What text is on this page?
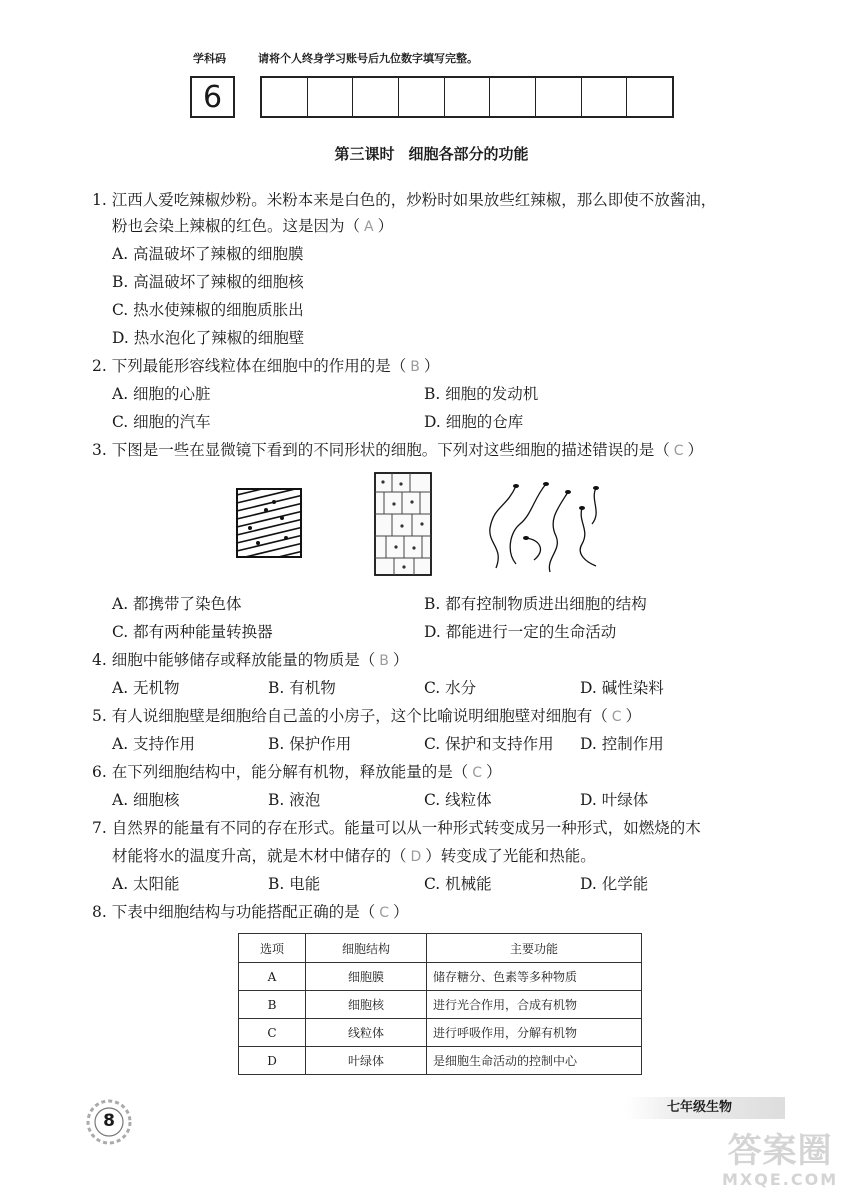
学科码	请将个人终身学习账号后九位数字填写完整。
6
第三课时 细胞各部分的功能
1. 江西人爱吃辣椒炒粉。米粉本来是白色的，炒粉时如果放些红辣椒，那么即使不放酱油，
粉也会染上辣椒的红色。这是因为（ A ）
A. 高温破坏了辣椒的细胞膜
B. 高温破坏了辣椒的细胞核
C. 热水使辣椒的细胞质胀出
D. 热水泡化了辣椒的细胞壁
2. 下列最能形容线粒体在细胞中的作用的是（ B ）
A. 细胞的心脏	B. 细胞的发动机
C. 细胞的汽车	D. 细胞的仓库
3. 下图是一些在显微镜下看到的不同形状的细胞。下列对这些细胞的描述错误的是（ C ）
A. 都携带了染色体	B. 都有控制物质进出细胞的结构
C. 都有两种能量转换器	D. 都能进行一定的生命活动
4. 细胞中能够储存或释放能量的物质是（ B ）
A. 无机物	B. 有机物	C. 水分	D. 碱性染料
5. 有人说细胞壁是细胞给自己盖的小房子，这个比喻说明细胞壁对细胞有（ C ）
A. 支持作用	B. 保护作用	C. 保护和支持作用 D. 控制作用
6. 在下列细胞结构中，能分解有机物，释放能量的是（ C ）
A. 细胞核	B. 液泡	C. 线粒体	D. 叶绿体
7. 自然界的能量有不同的存在形式。能量可以从一种形式转变成另一种形式，如燃烧的木
材能将水的温度升高，就是木材中储存的（ D ）转变成了光能和热能。
A. 太阳能	B. 电能	C. 机械能	D. 化学能
8. 下表中细胞结构与功能搭配正确的是（ C ）
选项	细胞结构	主要功能
A	细胞膜	储存糖分、色素等多种物质
B	细胞核	进行光合作用，合成有机物
C	线粒体	进行呼吸作用，分解有机物
D	叶绿体	是细胞生命活动的控制中心
8
七年级生物
答案圈
MXQE.COM
